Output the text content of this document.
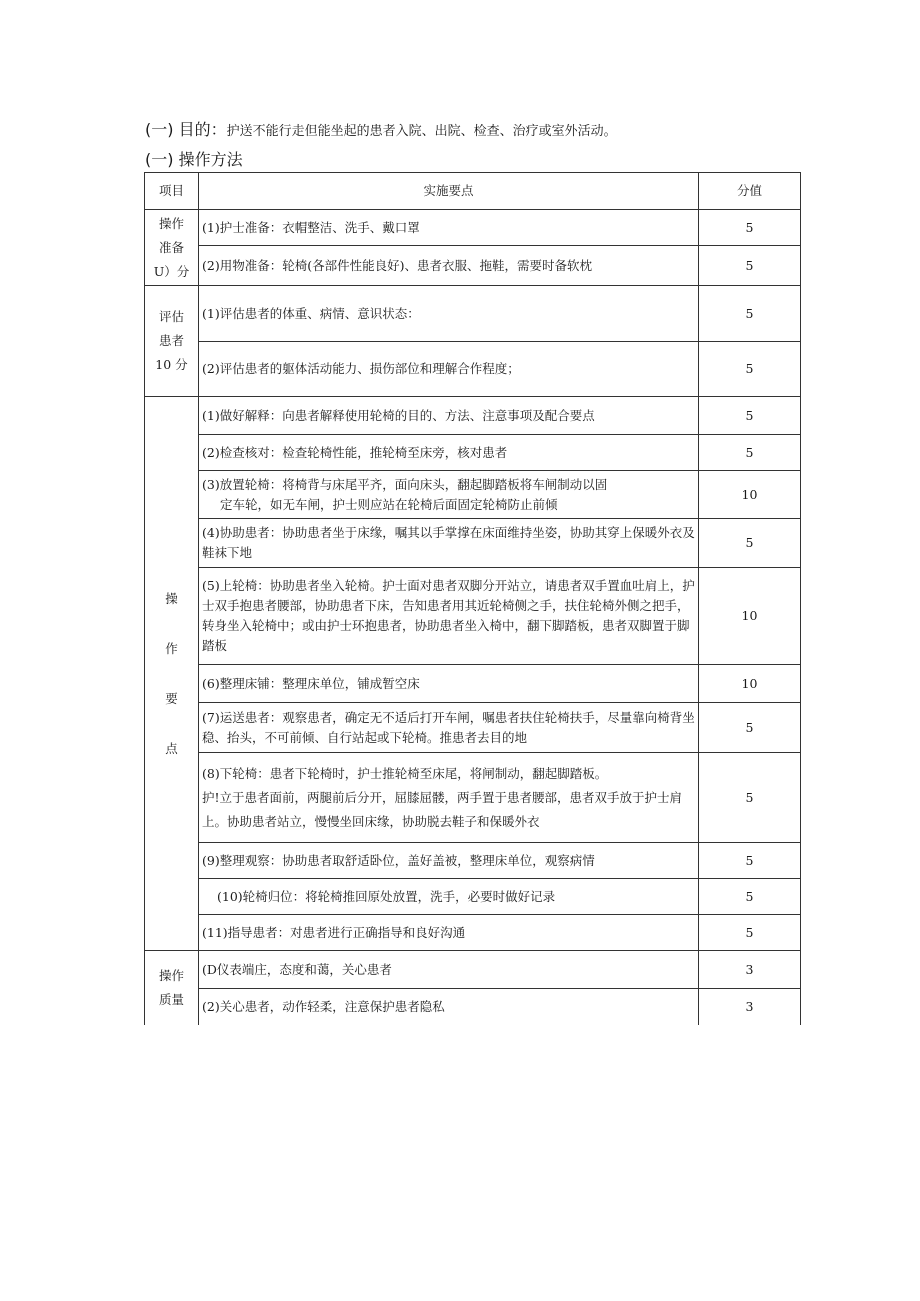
(一) 目的：护送不能行走但能坐起的患者入院、出院、检查、治疗或室外活动。
(一) 操作方法
项目	实施要点	分值

操作
准备
U）分	(1)护士准备：衣帽整洁、洗手、戴口罩	5
	(2)用物准备：轮椅(各部件性能良好)、患者衣服、拖鞋，需要时备软枕	5

评估
患者
10 分	(1)评估患者的体重、病情、意识状态：	5
	(2)评估患者的躯体活动能力、损伤部位和理解合作程度；	5

操
作
要
点	(1)做好解释：向患者解释使用轮椅的目的、方法、注意事项及配合要点	5
	(2)检查核对：检查轮椅性能，推轮椅至床旁，核对患者	5

	(3)放置轮椅：将椅背与床尾平齐，面向床头，翻起脚踏板将车闸制动以固
定车轮，如无车闸，护士则应站在轮椅后面固定轮椅防止前倾	10
	(4)协助患者：协助患者坐于床缘，嘱其以手掌撑在床面维持坐姿，协助其穿上保暖外衣及鞋袜下地	5
	(5)上轮椅：协助患者坐入轮椅。护士面对患者双脚分开站立，请患者双手置血吐肩上，护士双手抱患者腰部，协助患者下床，告知患者用其近轮椅侧之手，扶住轮椅外侧之把手，转身坐入轮椅中；或由护士环抱患者，协助患者坐入椅中，翻下脚踏板，患者双脚置于脚踏板	10
	(6)整理床铺：整理床单位，铺成暂空床	10
	(7)运送患者：观察患者，确定无不适后打开车闸，嘱患者扶住轮椅扶手，尽量靠向椅背坐稳、抬头，不可前倾、自行站起或下轮椅。推患者去目的地	5

	(8)下轮椅：患者下轮椅时，护士推轮椅至床尾，将闸制动，翻起脚踏板。
护!立于患者面前，两腿前后分开，屈膝屈髅，两手置于患者腰部，患者双手放于护士肩上。协助患者站立，慢慢坐回床缘，协助脱去鞋子和保暖外衣	5
	(9)整理观察：协助患者取舒适卧位，盖好盖被，整理床单位，观察病情	5
	(10)轮椅归位：将轮椅推回原处放置，洗手，必要时做好记录	5
	(11)指导患者：对患者进行正确指导和良好沟通	5

操作
质量	(D仪表端庄，态度和蔼，关心患者	3
	(2)关心患者，动作轻柔，注意保护患者隐私	3
